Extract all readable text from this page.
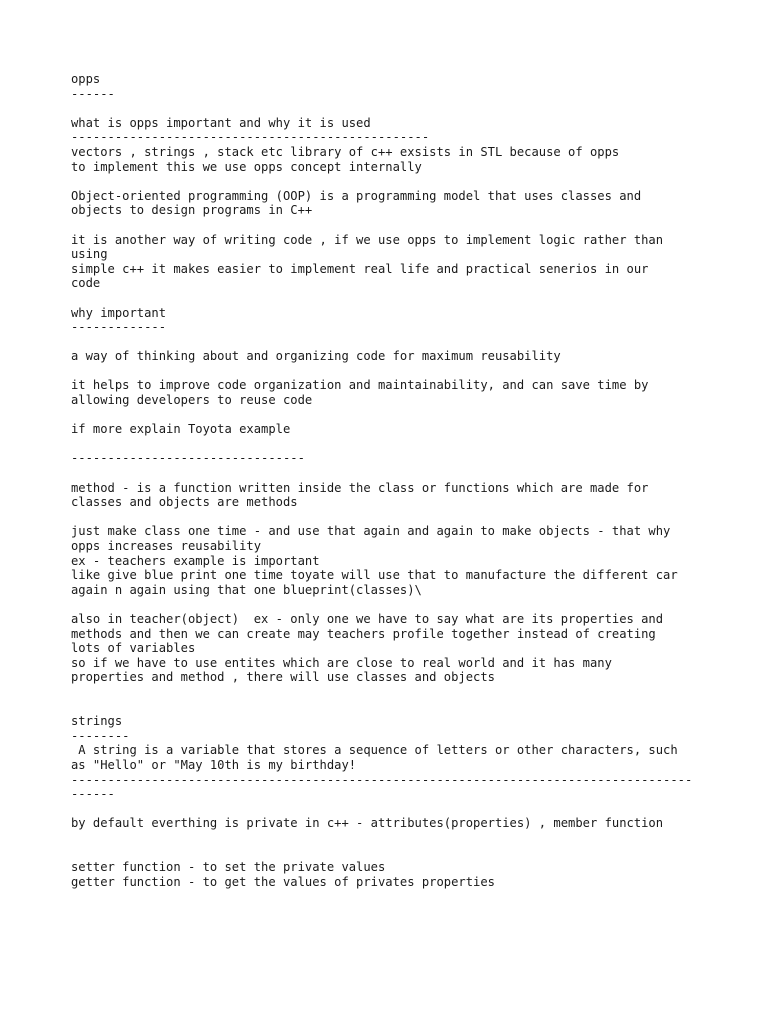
opps
------
what is opps important and why it is used
-------------------------------------------------
vectors , strings , stack etc library of c++ exsists in STL because of opps
to implement this we use opps concept internally
Object-oriented programming (OOP) is a programming model that uses classes and
objects to design programs in C++
it is another way of writing code , if we use opps to implement logic rather than
using
simple c++ it makes easier to implement real life and practical senerios in our
code
why important
-------------
a way of thinking about and organizing code for maximum reusability
it helps to improve code organization and maintainability, and can save time by
allowing developers to reuse code
if more explain Toyota example
--------------------------------
method - is a function written inside the class or functions which are made for
classes and objects are methods
just make class one time - and use that again and again to make objects - that why
opps increases reusability
ex - teachers example is important
like give blue print one time toyate will use that to manufacture the different car
again n again using that one blueprint(classes)\
also in teacher(object)  ex - only one we have to say what are its properties and
methods and then we can create may teachers profile together instead of creating
lots of variables
so if we have to use entites which are close to real world and it has many
properties and method , there will use classes and objects
strings
--------
A string is a variable that stores a sequence of letters or other characters, such
as "Hello" or "May 10th is my birthday!
-------------------------------------------------------------------------------------
------
by default everthing is private in c++ - attributes(properties) , member function
setter function - to set the private values
getter function - to get the values of privates properties
